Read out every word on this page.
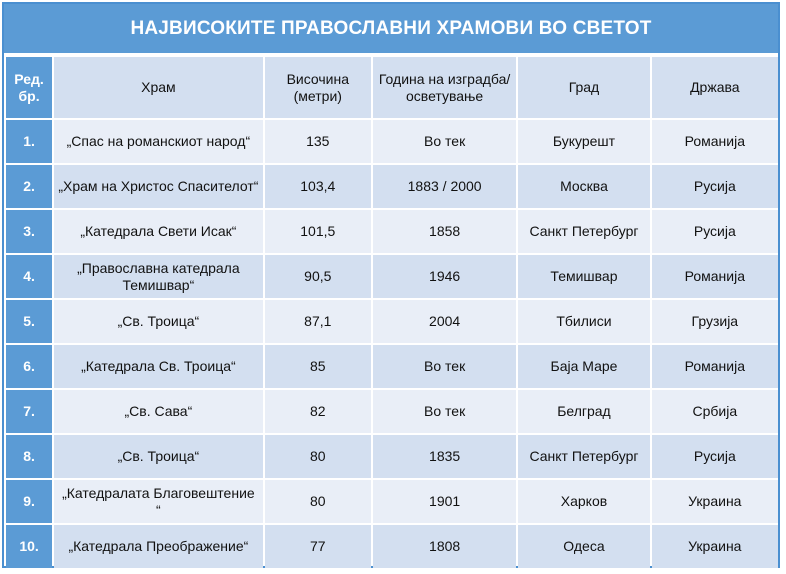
НАЈВИСОКИТЕ ПРАВОСЛАВНИ ХРАМОВИ ВО СВЕТОТ
Ред. бр.	Храм	Височина (метри)	Година на изградба/ осветување	Град	Држава
1.	„Спас на романскиот народ“	135	Во тек	Букурешт	Романија
2.	„Храм на Христос Спасителот“	103,4	1883 / 2000	Москва	Русија
3.	„Катедрала Свети Исак“	101,5	1858	Санкт Петербург	Русија
4.	„Православна катедрала Темишвар“	90,5	1946	Темишвар	Романија
5.	„Св. Троица“	87,1	2004	Тбилиси	Грузија
6.	„Катедрала Св. Троица“	85	Во тек	Баја Маре	Романија
7.	„Св. Сава“	82	Во тек	Белград	Србија
8.	„Св. Троица“	80	1835	Санкт Петербург	Русија
9.	„Катедралата Благовештение “	80	1901	Харков	Украина
10.	„Катедрала Преображение“	77	1808	Одеса	Украина
